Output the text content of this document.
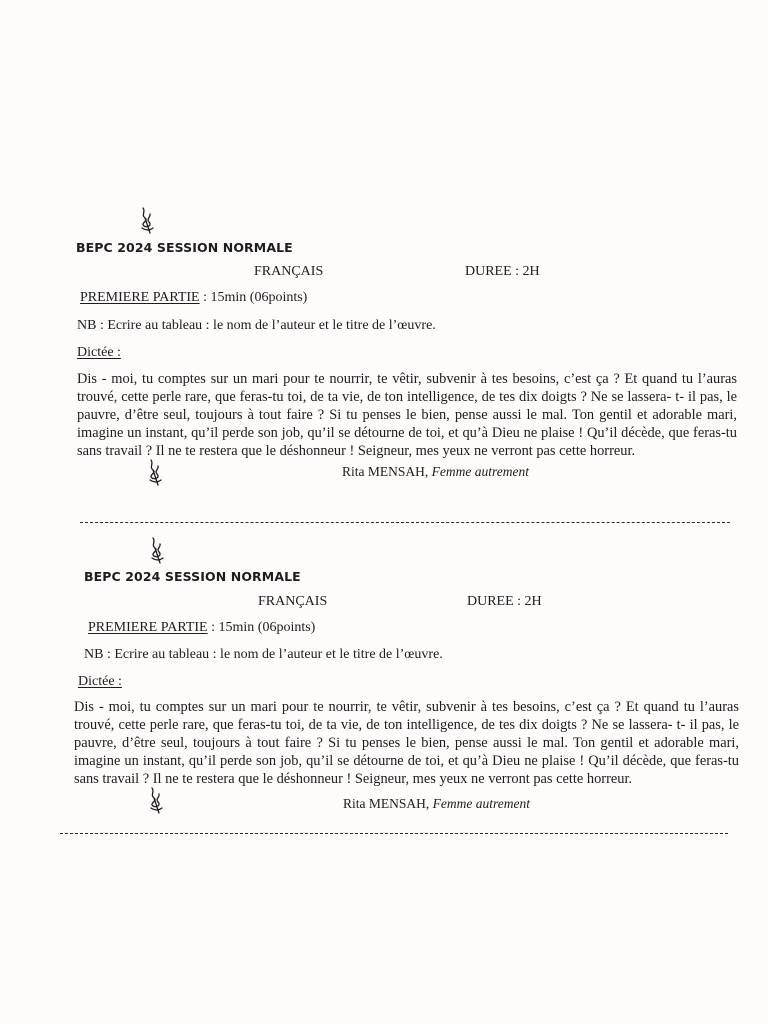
BEPC 2024 SESSION NORMALE
FRANÇAIS	DUREE : 2H
PREMIERE PARTIE : 15min (06points)
NB : Ecrire au tableau : le nom de l’auteur et le titre de l’œuvre.
Dictée :
Dis - moi, tu comptes sur un mari pour te nourrir, te vêtir, subvenir à tes besoins, c’est ça ? Et quand tu l’auras trouvé, cette perle rare, que feras-tu toi, de ta vie, de ton intelligence, de tes dix doigts ? Ne se lassera- t- il pas, le pauvre, d’être seul, toujours à tout faire ? Si tu penses le bien, pense aussi le mal. Ton gentil et adorable mari, imagine un instant, qu’il perde son job, qu’il se détourne de toi, et qu’à Dieu ne plaise ! Qu’il décède, que feras-tu sans travail ? Il ne te restera que le déshonneur ! Seigneur, mes yeux ne verront pas cette horreur.
Rita MENSAH, Femme autrement
BEPC 2024 SESSION NORMALE
FRANÇAIS	DUREE : 2H
PREMIERE PARTIE : 15min (06points)
NB : Ecrire au tableau : le nom de l’auteur et le titre de l’œuvre.
Dictée :
Dis - moi, tu comptes sur un mari pour te nourrir, te vêtir, subvenir à tes besoins, c’est ça ? Et quand tu l’auras trouvé, cette perle rare, que feras-tu toi, de ta vie, de ton intelligence, de tes dix doigts ? Ne se lassera- t- il pas, le pauvre, d’être seul, toujours à tout faire ? Si tu penses le bien, pense aussi le mal. Ton gentil et adorable mari, imagine un instant, qu’il perde son job, qu’il se détourne de toi, et qu’à Dieu ne plaise ! Qu’il décède, que feras-tu sans travail ? Il ne te restera que le déshonneur ! Seigneur, mes yeux ne verront pas cette horreur.
Rita MENSAH, Femme autrement
